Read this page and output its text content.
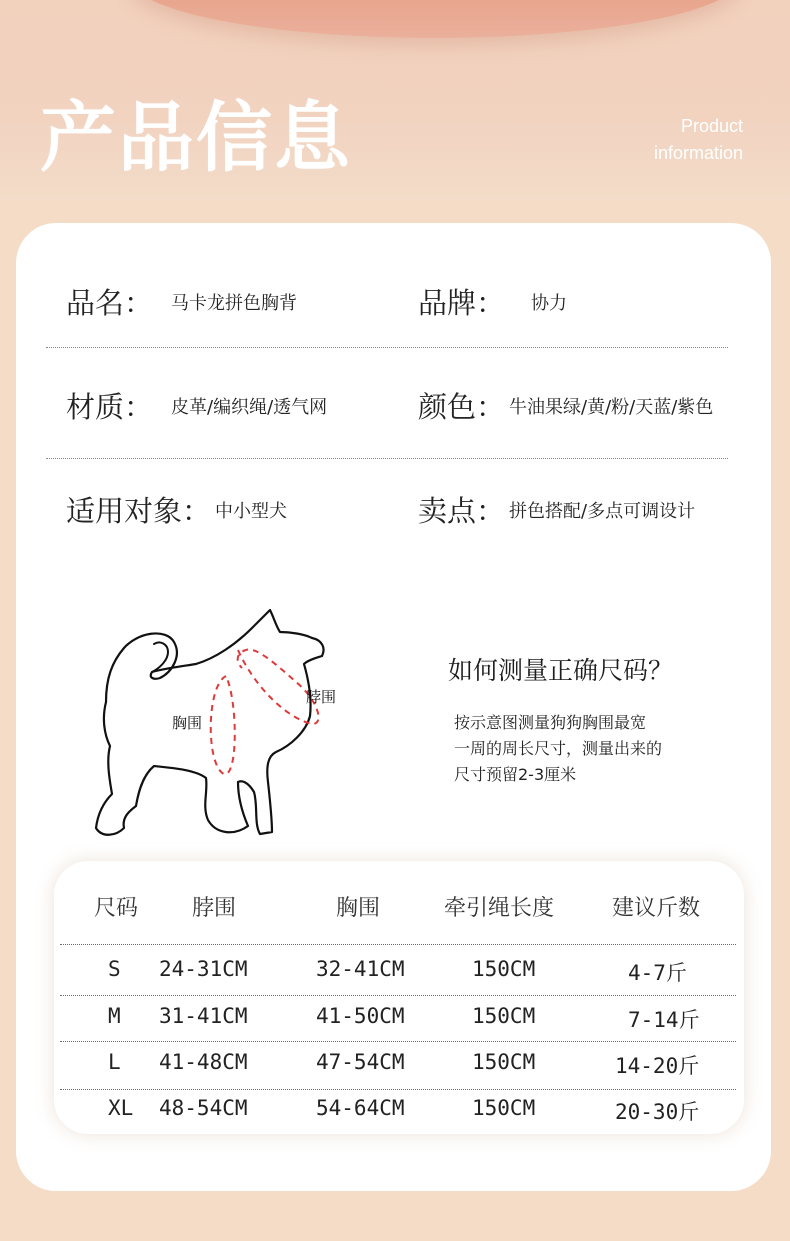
产品信息	Product
information
品名： 马卡龙拼色胸背	品牌： 协力
材质： 皮革/编织绳/透气网	颜色： 牛油果绿/黄/粉/天蓝/紫色
适用对象： 中小型犬	卖点： 拼色搭配/多点可调设计
胸围
脖围
如何测量正确尺码？
按示意图测量狗狗胸围最宽
一周的周长尺寸，测量出来的
尺寸预留2-3厘米
尺码 脖围	胸围	牵引绳长度	建议斤数
S 24-31CM	32-41CM	150CM	4-7斤
M 31-41CM	41-50CM	150CM	7-14斤
L 41-48CM	47-54CM	150CM	14-20斤
XL 48-54CM	54-64CM	150CM	20-30斤
